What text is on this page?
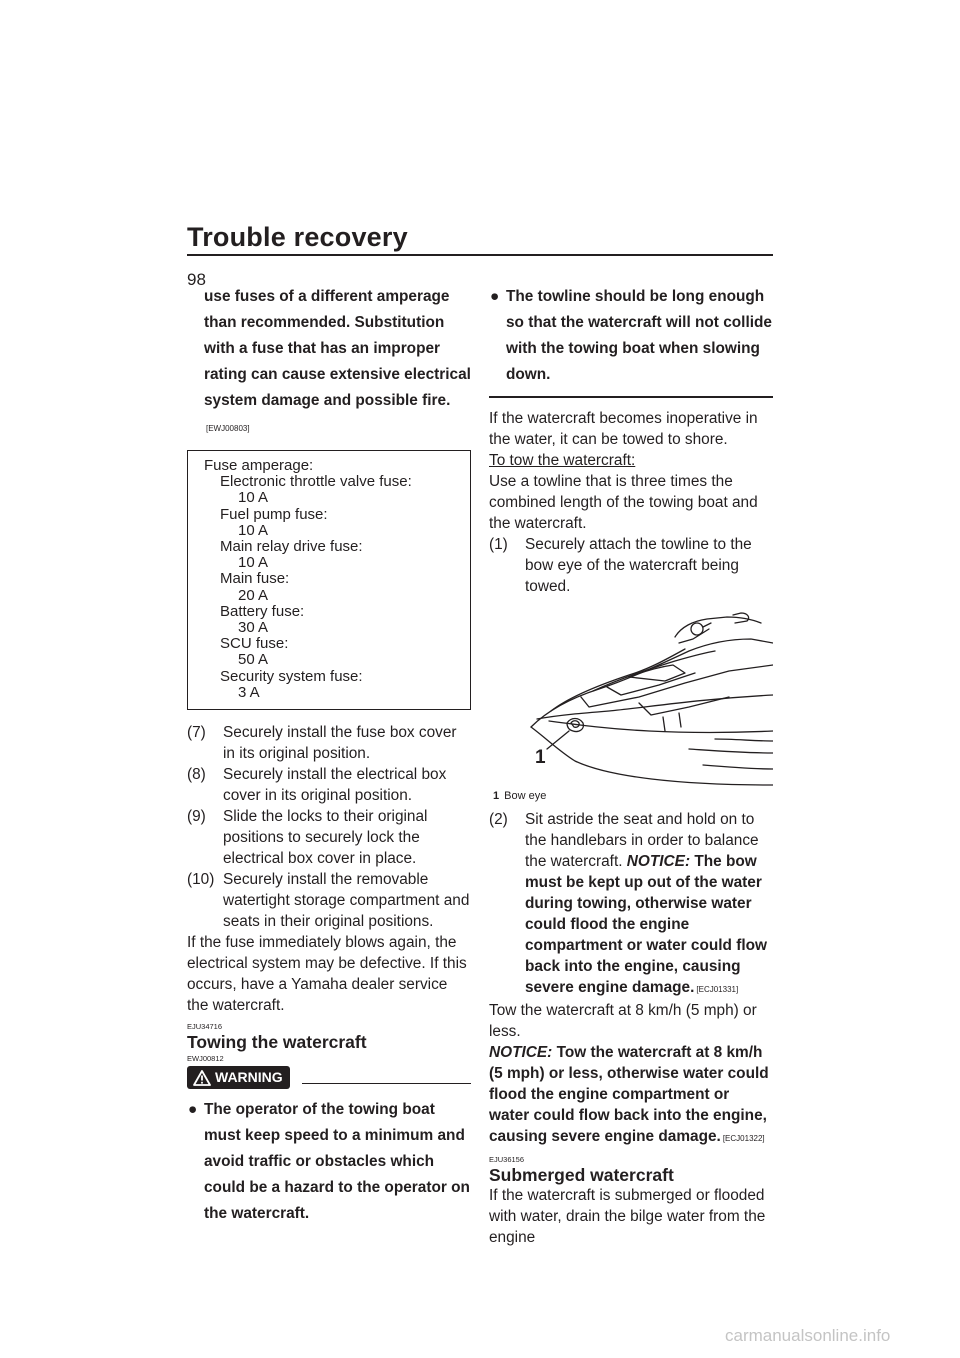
Trouble recovery
98
use fuses of a different amperage than recommended. Substitution with a fuse that has an improper rating can cause extensive electrical system damage and possible fire. [EWJ00803]
Fuse amperage:
Electronic throttle valve fuse:
10 A
Fuel pump fuse:
10 A
Main relay drive fuse:
10 A
Main fuse:
20 A
Battery fuse:
30 A
SCU fuse:
50 A
Security system fuse:
3 A
(7) Securely install the fuse box cover in its original position.
(8) Securely install the electrical box cover in its original position.
(9) Slide the locks to their original positions to securely lock the electrical box cover in place.
(10) Securely install the removable watertight storage compartment and seats in their original positions.

If the fuse immediately blows again, the electrical system may be defective. If this occurs, have a Yamaha dealer service the watercraft.

EJU34716
Towing the watercraft
EWJ00812
WARNING
● The operator of the towing boat must keep speed to a minimum and avoid traffic or obstacles which could be a hazard to the operator on the watercraft.
● The towline should be long enough so that the watercraft will not collide with the towing boat when slowing down.

If the watercraft becomes inoperative in the water, it can be towed to shore.

To tow the watercraft:

Use a towline that is three times the combined length of the towing boat and the watercraft.

(1) Securely attach the towline to the bow eye of the watercraft being towed.
1
1 Bow eye
(2) Sit astride the seat and hold on to the handlebars in order to balance the watercraft. NOTICE: The bow must be kept up out of the water during towing, otherwise water could flood the engine compartment or water could flow back into the engine, causing severe engine damage. [ECJ01331]

Tow the watercraft at 8 km/h (5 mph) or less.

NOTICE: Tow the watercraft at 8 km/h (5 mph) or less, otherwise water could flood the engine compartment or water could flow back into the engine, causing severe engine damage. [ECJ01322]

EJU36156
Submerged watercraft

If the watercraft is submerged or flooded with water, drain the bilge water from the engine

carmanualsonline.info
